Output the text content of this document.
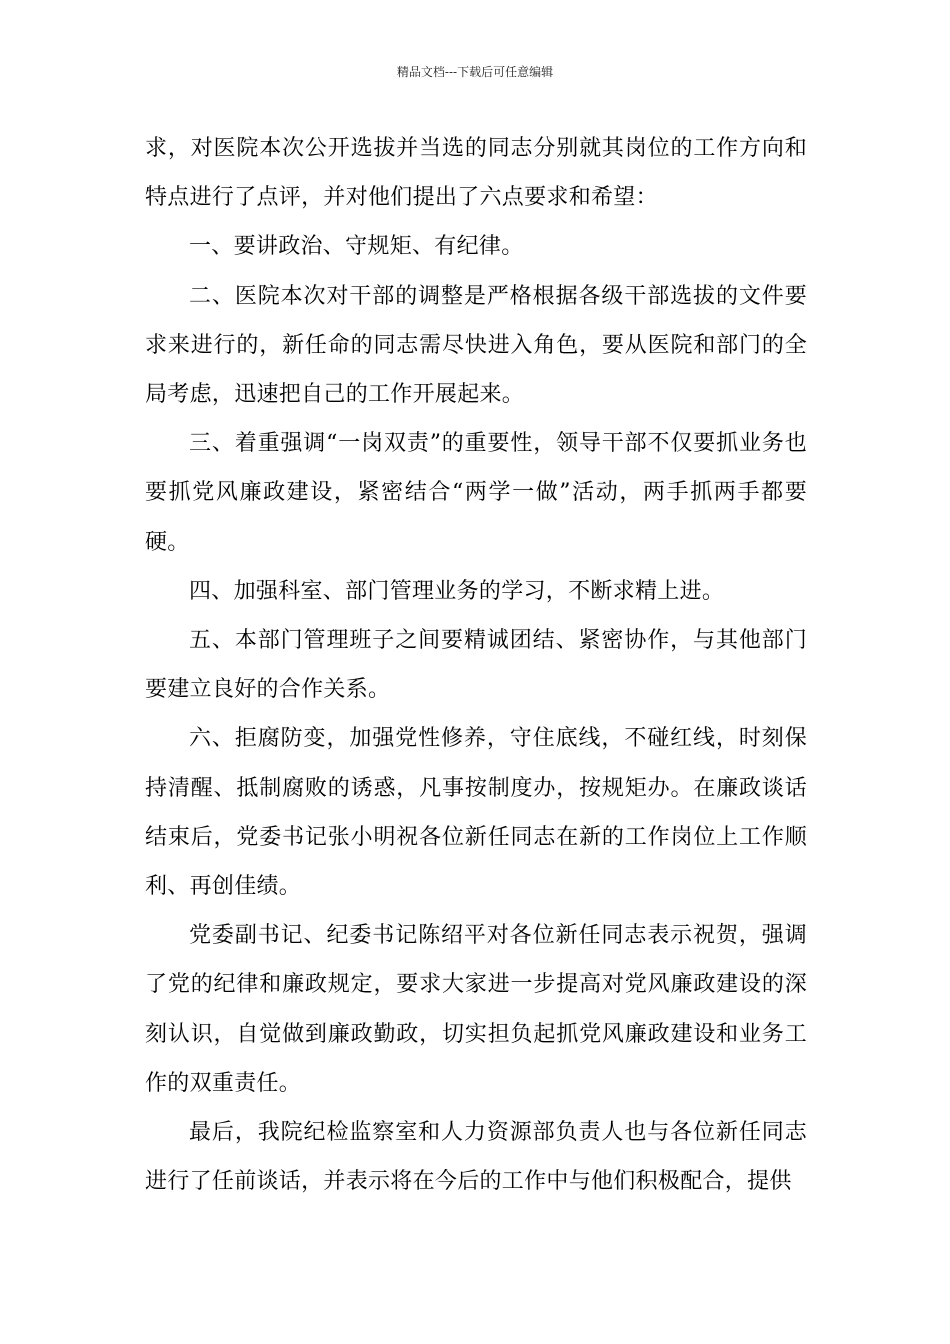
精品文档---下载后可任意编辑

求，对医院本次公开选拔并当选的同志分别就其岗位的工作方向和特点进行了点评，并对他们提出了六点要求和希望：

一、要讲政治、守规矩、有纪律。

二、医院本次对干部的调整是严格根据各级干部选拔的文件要求来进行的，新任命的同志需尽快进入角色，要从医院和部门的全局考虑，迅速把自己的工作开展起来。

三、着重强调“一岗双责”的重要性，领导干部不仅要抓业务也要抓党风廉政建设，紧密结合“两学一做”活动，两手抓两手都要硬。

四、加强科室、部门管理业务的学习，不断求精上进。

五、本部门管理班子之间要精诚团结、紧密协作，与其他部门要建立良好的合作关系。

六、拒腐防变，加强党性修养，守住底线，不碰红线，时刻保持清醒、抵制腐败的诱惑，凡事按制度办，按规矩办。在廉政谈话结束后，党委书记张小明祝各位新任同志在新的工作岗位上工作顺利、再创佳绩。

党委副书记、纪委书记陈绍平对各位新任同志表示祝贺，强调了党的纪律和廉政规定，要求大家进一步提高对党风廉政建设的深刻认识，自觉做到廉政勤政，切实担负起抓党风廉政建设和业务工作的双重责任。

最后，我院纪检监察室和人力资源部负责人也与各位新任同志进行了任前谈话，并表示将在今后的工作中与他们积极配合，提供
